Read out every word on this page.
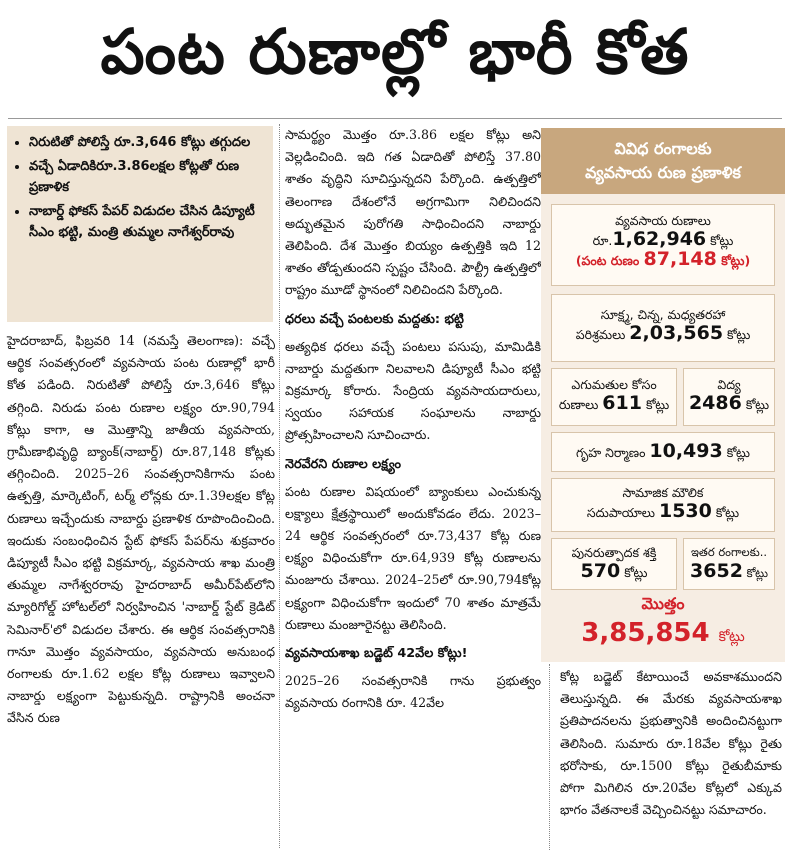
పంట రుణాల్లో భారీ కోత
• నిరుటితో పోలిస్తే రూ.3,646 కోట్లు తగ్గుదల
• వచ్చే ఏడాదికిరూ.3.86లక్షల కోట్లతో రుణ ప్రణాళిక
• నాబార్డ్ ఫోకస్ పేపర్ విడుదల చేసిన డిప్యూటీ సీఎం భట్టి, మంత్రి తుమ్మల నాగేశ్వర్‌రావు

హైదరాబాద్, ఫిబ్రవరి 14 (నమస్తే తెలంగాణ): వచ్చే ఆర్థిక సంవత్సరంలో వ్యవసాయ పంట రుణాల్లో భారీ కోత పడింది. నిరుటితో పోలిస్తే రూ.3,646 కోట్లు తగ్గింది. నిరుడు పంట రుణాల లక్ష్యం రూ.90,794 కోట్లు కాగా, ఆ మొత్తాన్ని జాతీయ వ్యవసాయ, గ్రామీణాభివృద్ధి బ్యాంక్(నాబార్డ్) రూ.87,148 కోట్లకు తగ్గించింది. 2025–26 సంవత్సరానికిగాను పంట ఉత్పత్తి, మార్కెటింగ్, టర్మ్ లోన్లకు రూ.1.39లక్షల కోట్ల రుణాలు ఇచ్చేందుకు నాబార్డు ప్రణాళిక రూపొందించింది. ఇందుకు సంబంధించిన స్టేట్ ఫోకస్ పేపర్‌ను శుక్రవారం డిప్యూటీ సీఎం భట్టి విక్రమార్క, వ్యవసాయ శాఖ మంత్రి తుమ్మల నాగేశ్వరరావు హైదరాబాద్ అమీర్‌పేట్‌లోని మ్యారిగోల్డ్ హోటల్‌లో నిర్వహించిన 'నాబార్డ్ స్టేట్ క్రెడిట్ సెమినార్'లో విడుదల చేశారు. ఈ ఆర్థిక సంవత్సరానికి గానూ మొత్తం వ్యవసాయం, వ్యవసాయ అనుబంధ రంగాలకు రూ.1.62 లక్షల కోట్ల రుణాలు ఇవ్వాలని నాబార్డు లక్ష్యంగా పెట్టుకున్నది. రాష్ట్రానికి అంచనా వేసిన రుణ

సామర్థ్యం మొత్తం రూ.3.86 లక్షల కోట్లు అని వెల్లడించింది. ఇది గత ఏడాదితో పోలిస్తే 37.80 శాతం వృద్ధిని సూచిస్తున్నదని పేర్కొంది. ఉత్పత్తిలో తెలంగాణ దేశంలోనే అగ్రగామిగా నిలిచిందని అద్భుతమైన పురోగతి సాధించిందని నాబార్డు తెలిపింది. దేశ మొత్తం బియ్యం ఉత్పత్తికి ఇది 12 శాతం తోడ్పతుందని స్పష్టం చేసింది. పౌల్ట్రీ ఉత్పత్తిలో రాష్ట్రం మూడో స్థానంలో నిలిచిందని పేర్కొంది.

ధరలు వచ్చే పంటలకు మద్దతు: భట్టి

అత్యధిక ధరలు వచ్చే పంటలు పసుపు, మామిడికి నాబార్డు మద్దతుగా నిలవాలని డిప్యూటీ సీఎం భట్టి విక్రమార్క కోరారు. సేంద్రియ వ్యవసాయదారులు, స్వయం సహాయక సంఘాలను నాబార్డు ప్రోత్సహించాలని సూచించారు.

నెరవేరని రుణాల లక్ష్యం

పంట రుణాల విషయంలో బ్యాంకులు ఎంచుకున్న లక్ష్యాలు క్షేత్రస్థాయిలో అందుకోవడం లేదు. 2023–24 ఆర్థిక సంవత్సరంలో రూ.73,437 కోట్ల రుణ లక్ష్యం విధించుకోగా రూ.64,939 కోట్ల రుణాలను మంజూరు చేశాయి. 2024–25లో రూ.90,794కోట్ల లక్ష్యంగా విధించుకోగా ఇందులో 70 శాతం మాత్రమే రుణాలు మంజూరైనట్టు తెలిసింది.

వ్యవసాయశాఖ బడ్జెట్ 42వేల కోట్లు!

2025–26 సంవత్సరానికి గాను ప్రభుత్వం వ్యవసాయ రంగానికి రూ. 42వేల

వివిధ రంగాలకు
వ్యవసాయ రుణ ప్రణాళిక
వ్యవసాయ రుణాలు
రూ.1,62,946 కోట్లు
(పంట రుణం 87,148 కోట్లు)
సూక్ష్మ, చిన్న, మధ్యతరహా
పరిశ్రమలు 2,03,565 కోట్లు
ఎగుమతుల కోసం
రుణాలు 611 కోట్లు
విద్య
2486 కోట్లు
గృహ నిర్మాణం 10,493 కోట్లు
సామాజిక మౌలిక
సదుపాయాలు 1530 కోట్లు
పునరుత్పాదక శక్తి
570 కోట్లు
ఇతర రంగాలకు..
3652 కోట్లు
మొత్తం
3,85,854 కోట్లు

కోట్ల బడ్జెట్ కేటాయించే అవకాశముందని తెలుస్తున్నది. ఈ మేరకు వ్యవసాయశాఖ ప్రతిపాదనలను ప్రభుత్వానికి అందించినట్టుగా తెలిసింది. సుమారు రూ.18వేల కోట్లు రైతు భరోసాకు, రూ.1500 కోట్లు రైతుబీమాకు పోగా మిగిలిన రూ.20వేల కోట్లలో ఎక్కువ భాగం వేతనాలకే వెచ్చించినట్టు సమాచారం.
